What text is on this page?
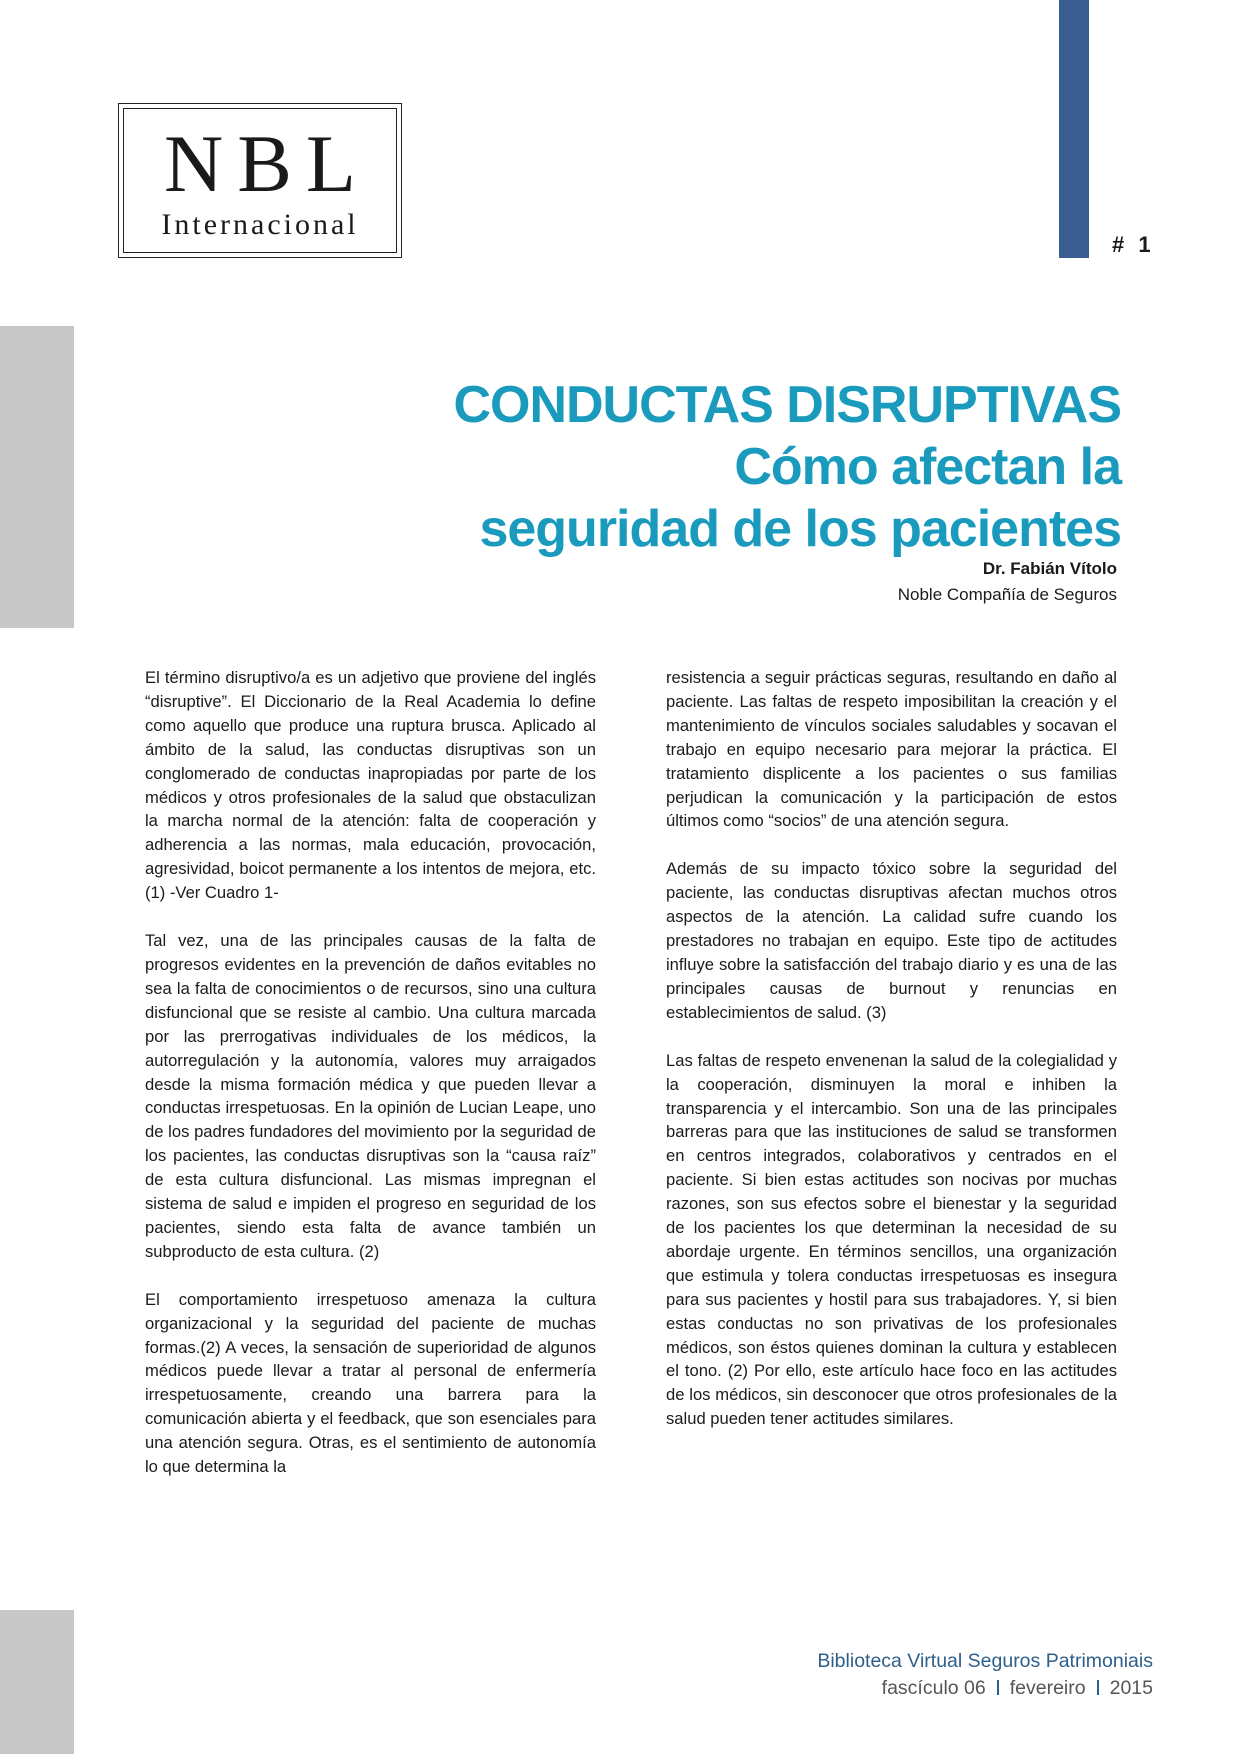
# 1
NBL
Internacional
CONDUCTAS DISRUPTIVAS
Cómo afectan la
seguridad de los pacientes
Dr. Fabián Vítolo
Noble Compañía de Seguros

El término disruptivo/a es un adjetivo que proviene del inglés “disruptive”. El Diccionario de la Real Academia lo define como aquello que produce una ruptura brusca. Aplicado al ámbito de la salud, las conductas disruptivas son un conglomerado de conductas inapropiadas por parte de los médicos y otros profesionales de la salud que obstaculizan la marcha normal de la atención: falta de cooperación y adherencia a las normas, mala educación, provocación, agresividad, boicot permanente a los intentos de mejora, etc. (1) -Ver Cuadro 1-

Tal vez, una de las principales causas de la falta de progresos evidentes en la prevención de daños evitables no sea la falta de conocimientos o de recursos, sino una cultura disfuncional que se resiste al cambio. Una cultura marcada por las prerrogativas individuales de los médicos, la autorregulación y la autonomía, valores muy arraigados desde la misma formación médica y que pueden llevar a conductas irrespetuosas. En la opinión de Lucian Leape, uno de los padres fundadores del movimiento por la seguridad de los pacientes, las conductas disruptivas son la “causa raíz” de esta cultura disfuncional. Las mismas impregnan el sistema de salud e impiden el progreso en seguridad de los pacientes, siendo esta falta de avance también un subproducto de esta cultura. (2)

El comportamiento irrespetuoso amenaza la cultura organizacional y la seguridad del paciente de muchas formas.(2) A veces, la sensación de superioridad de algunos médicos puede llevar a tratar al personal de enfermería irrespetuosamente, creando una barrera para la comunicación abierta y el feedback, que son esenciales para una atención segura. Otras, es el sentimiento de autonomía lo que determina la

resistencia a seguir prácticas seguras, resultando en daño al paciente. Las faltas de respeto imposibilitan la creación y el mantenimiento de vínculos sociales saludables y socavan el trabajo en equipo necesario para mejorar la práctica. El tratamiento displicente a los pacientes o sus familias perjudican la comunicación y la participación de estos últimos como “socios” de una atención segura.

Además de su impacto tóxico sobre la seguridad del paciente, las conductas disruptivas afectan muchos otros aspectos de la atención. La calidad sufre cuando los prestadores no trabajan en equipo. Este tipo de actitudes influye sobre la satisfacción del trabajo diario y es una de las principales causas de burnout y renuncias en establecimientos de salud. (3)

Las faltas de respeto envenenan la salud de la colegialidad y la cooperación, disminuyen la moral e inhiben la transparencia y el intercambio. Son una de las principales barreras para que las instituciones de salud se transformen en centros integrados, colaborativos y centrados en el paciente. Si bien estas actitudes son nocivas por muchas razones, son sus efectos sobre el bienestar y la seguridad de los pacientes los que determinan la necesidad de su abordaje urgente. En términos sencillos, una organización que estimula y tolera conductas irrespetuosas es insegura para sus pacientes y hostil para sus trabajadores. Y, si bien estas conductas no son privativas de los profesionales médicos, son éstos quienes dominan la cultura y establecen el tono. (2) Por ello, este artículo hace foco en las actitudes de los médicos, sin desconocer que otros profesionales de la salud pueden tener actitudes similares.

Biblioteca Virtual Seguros Patrimoniais
fascículo 06 fevereiro 2015
